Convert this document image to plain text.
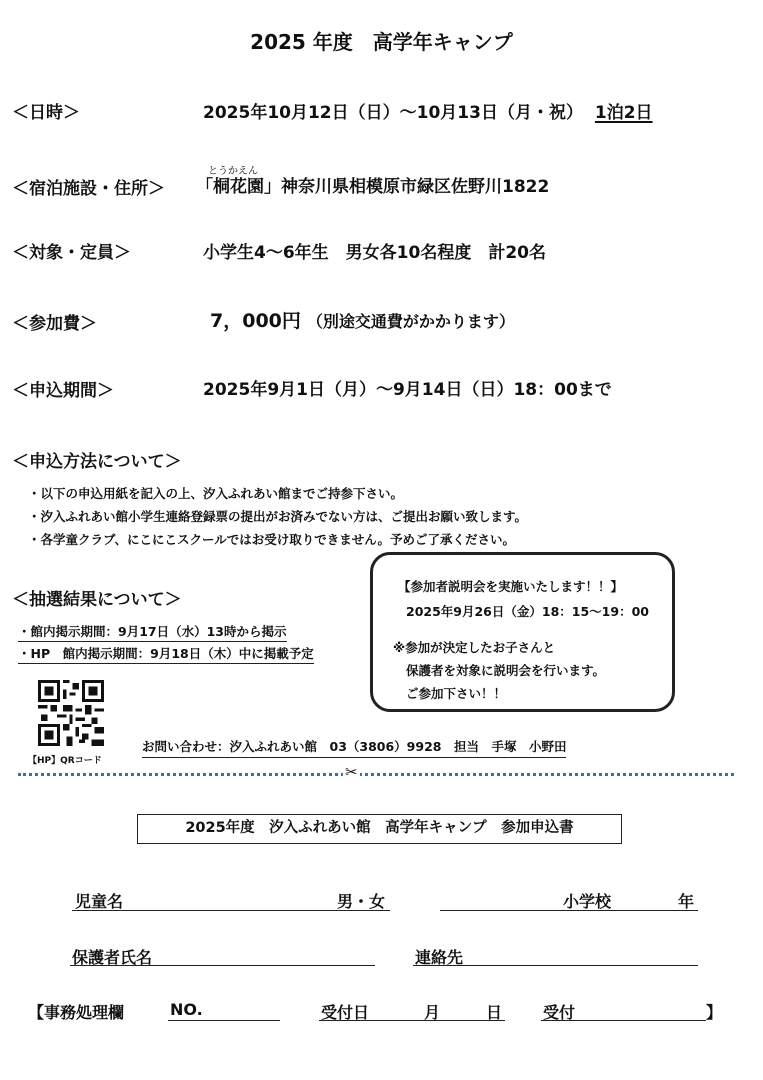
2025 年度　高学年キャンプ
＜日時＞	2025年10月12日（日）～10月13日（月・祝） 1泊2日
とうかえん
＜宿泊施設・住所＞ 「桐花園」神奈川県相模原市緑区佐野川1822
＜対象・定員＞	小学生4～6年生　男女各10名程度　計20名
＜参加費＞	7，000円 （別途交通費がかかります）
＜申込期間＞	2025年9月1日（月）～9月14日（日）18：00まで
＜申込方法について＞
・以下の申込用紙を記入の上、汐入ふれあい館までご持参下さい。
・汐入ふれあい館小学生連絡登録票の提出がお済みでない方は、ご提出お願い致します。
・各学童クラブ、にこにこスクールではお受け取りできません。予めご了承ください。
＜抽選結果について＞
・館内掲示期間：9月17日（水）13時から掲示
・HP　館内掲示期間：9月18日（木）中に掲載予定
【参加者説明会を実施いたします！！】
2025年9月26日（金）18：15～19：00
※参加が決定したお子さんと
保護者を対象に説明会を行います。
ご参加下さい！！
【HP】QRコード
お問い合わせ：汐入ふれあい館　03（3806）9928　担当　手塚　小野田
✂
2025年度　汐入ふれあい館　高学年キャンプ　参加申込書
児童名	男・女	小学校	年
保護者氏名	連絡先
【事務処理欄	NO.	受付日	月	日	受付	】
